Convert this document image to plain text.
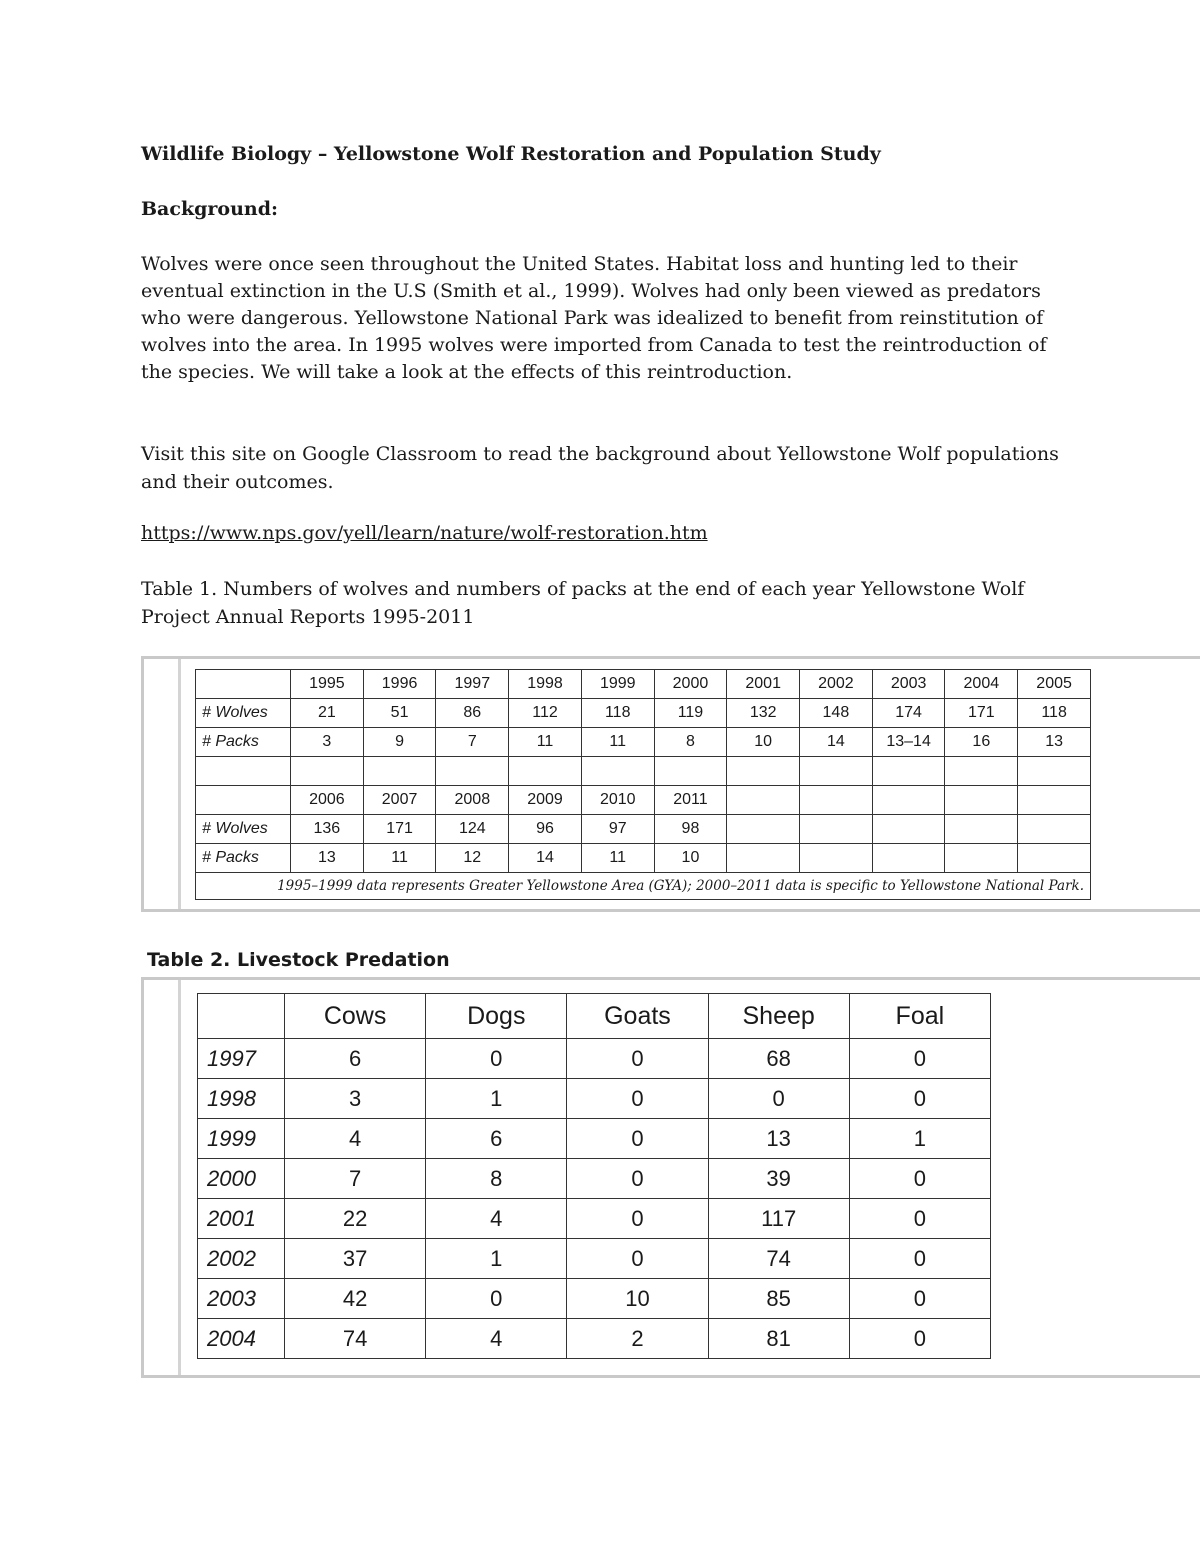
Wildlife Biology – Yellowstone Wolf Restoration and Population Study
Background:
Wolves were once seen throughout the United States. Habitat loss and hunting led to their eventual extinction in the U.S (Smith et al., 1999). Wolves had only been viewed as predators who were dangerous. Yellowstone National Park was idealized to benefit from reinstitution of wolves into the area. In 1995 wolves were imported from Canada to test the reintroduction of the species. We will take a look at the effects of this reintroduction.
Visit this site on Google Classroom to read the background about Yellowstone Wolf populations and their outcomes.
https://www.nps.gov/yell/learn/nature/wolf-restoration.htm
Table 1. Numbers of wolves and numbers of packs at the end of each year Yellowstone Wolf Project Annual Reports 1995-2011
	1995	1996	1997	1998	1999	2000	2001	2002	2003	2004	2005
# Wolves	21	51	86	112	118	119	132	148	174	171	118
# Packs	3	9	7	11	11	8	10	14	13–14	16	13

	2006	2007	2008	2009	2010	2011					
# Wolves	136	171	124	96	97	98					
# Packs	13	11	12	14	11	10					
1995–1999 data represents Greater Yellowstone Area (GYA); 2000–2011 data is specific to Yellowstone National Park.											
Table 2. Livestock Predation
	Cows	Dogs	Goats	Sheep	Foal
1997	6	0	0	68	0
1998	3	1	0	0	0
1999	4	6	0	13	1
2000	7	8	0	39	0
2001	22	4	0	117	0
2002	37	1	0	74	0
2003	42	0	10	85	0
2004	74	4	2	81	0
